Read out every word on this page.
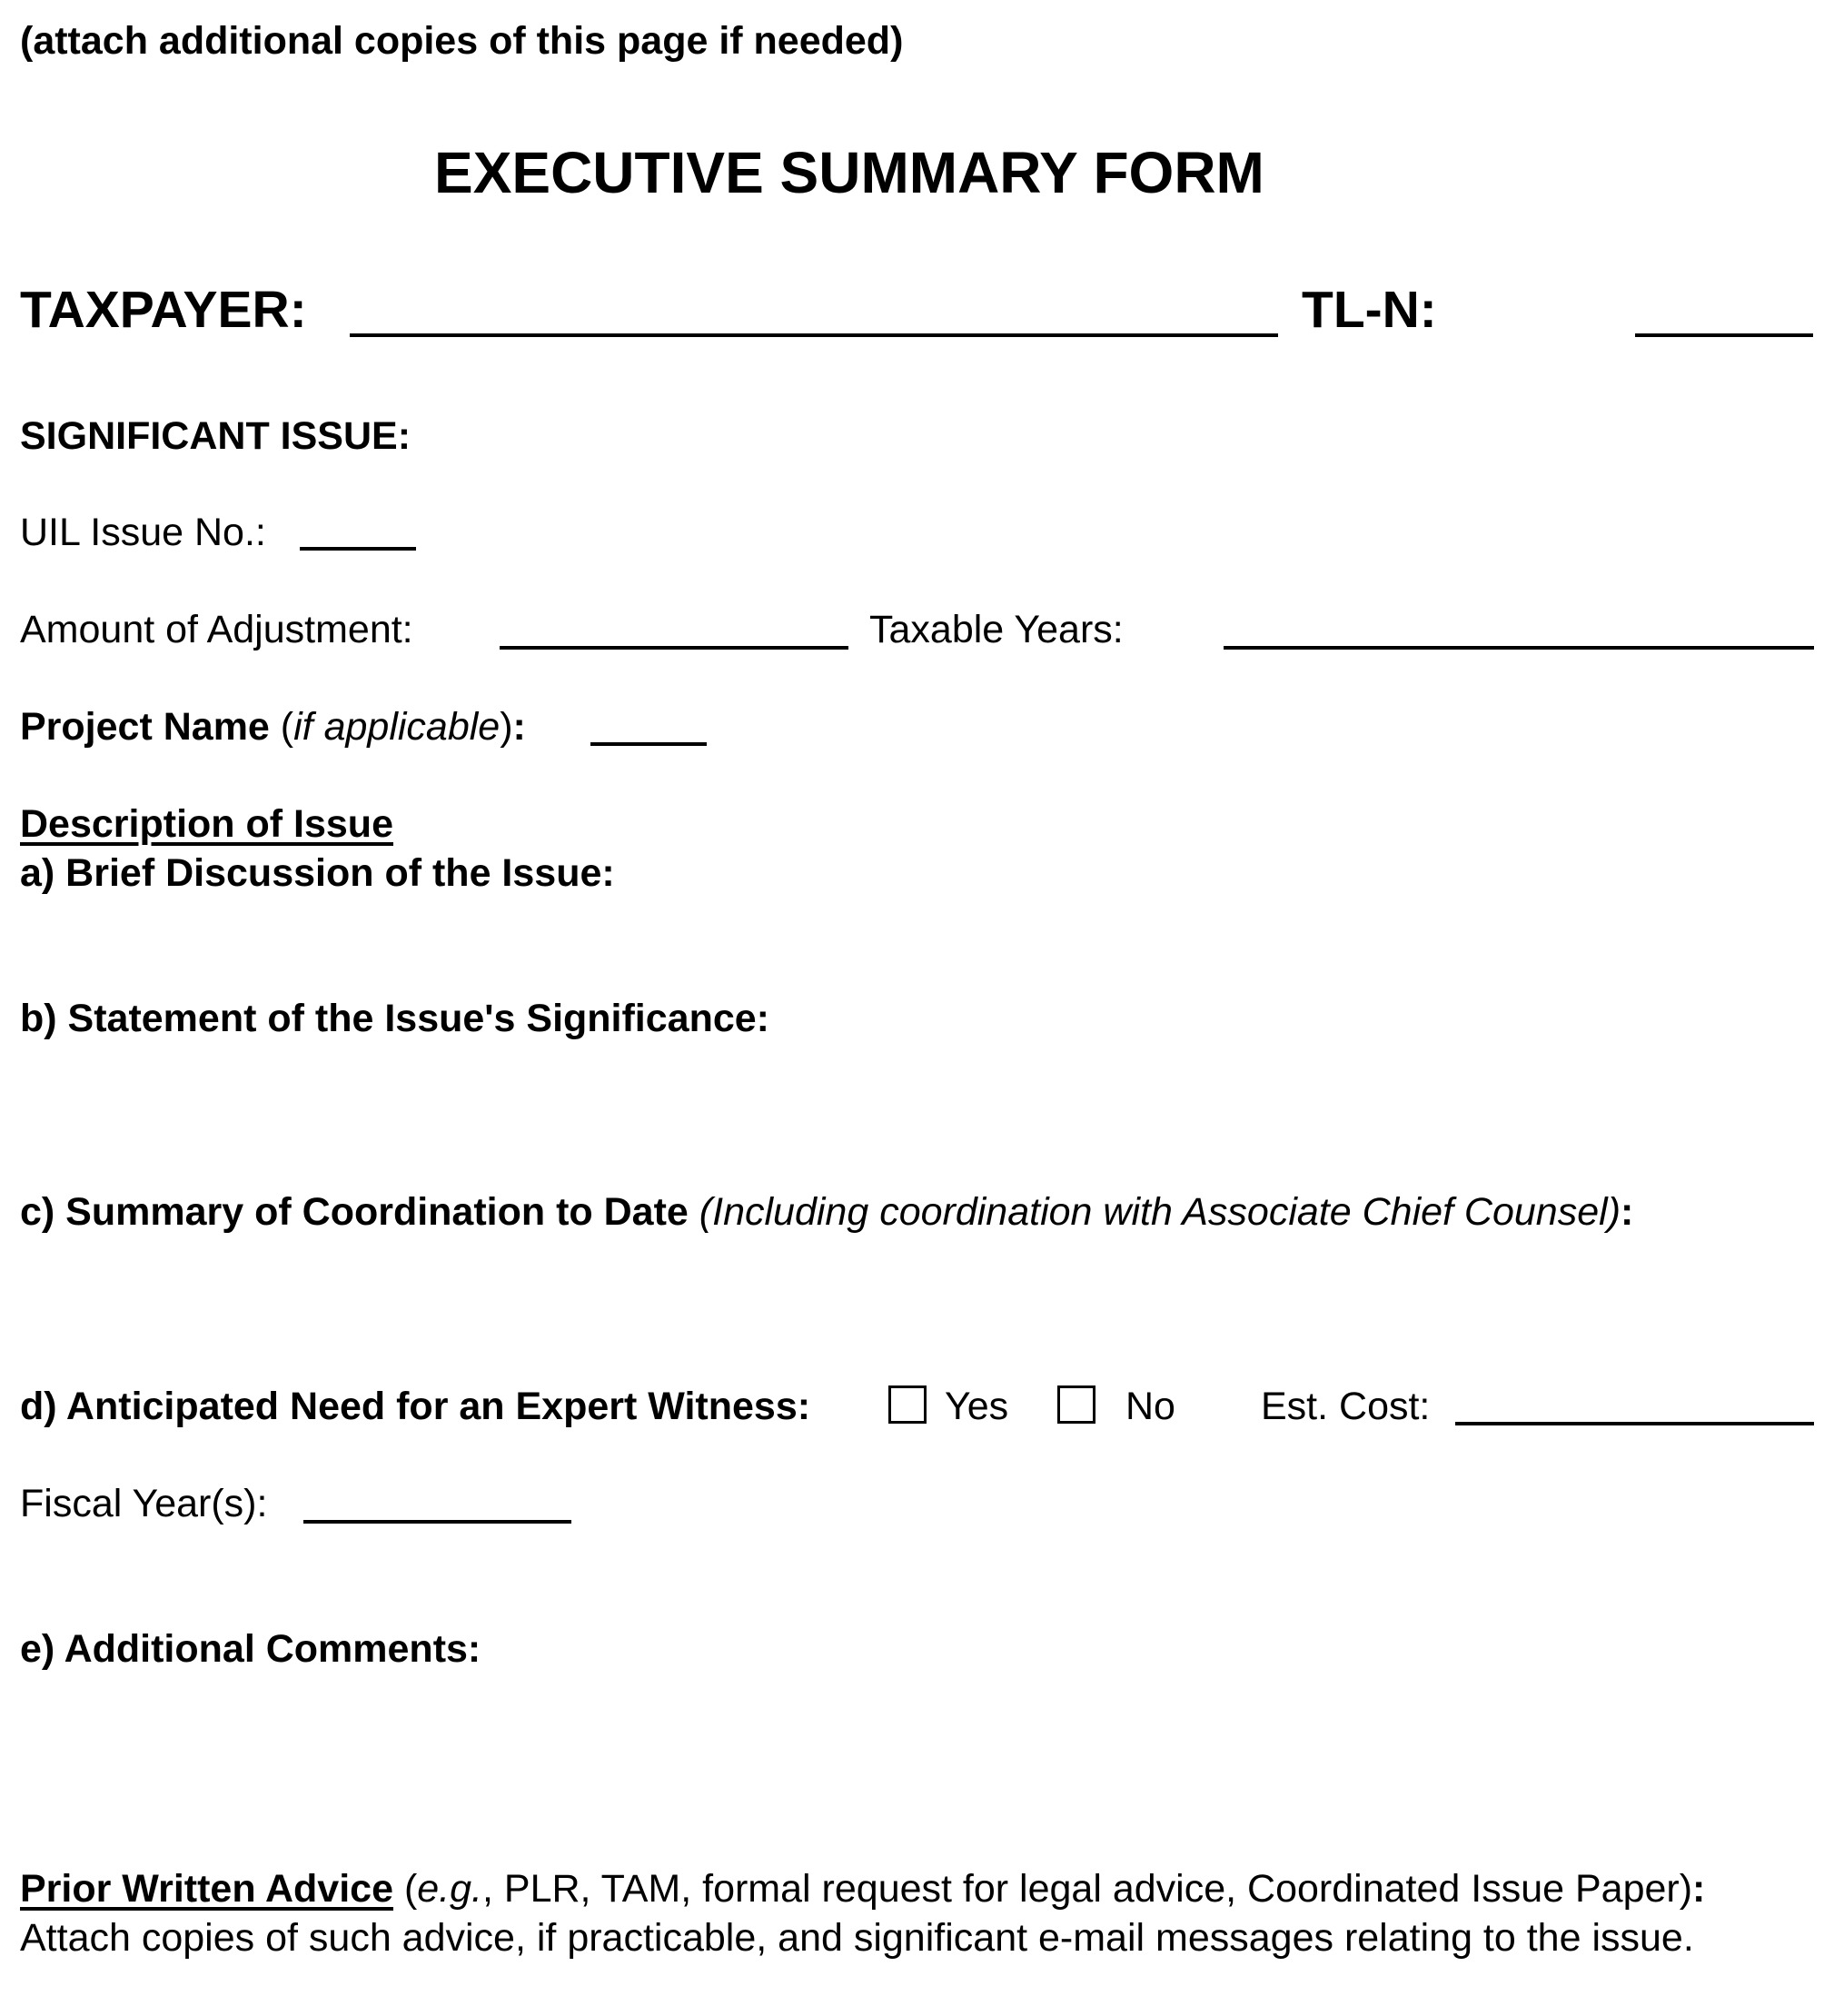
(attach additional copies of this page if needed)
EXECUTIVE SUMMARY FORM
TAXPAYER:	TL-N:
SIGNIFICANT ISSUE:
UIL Issue No.:
Amount of Adjustment:	Taxable Years:
Project Name (if applicable):
Description of Issue
a) Brief Discussion of the Issue:
b) Statement of the Issue's Significance:
c) Summary of Coordination to Date (Including coordination with Associate Chief Counsel):
d) Anticipated Need for an Expert Witness:	Yes	No Est. Cost:
Fiscal Year(s):
e) Additional Comments:
Prior Written Advice (e.g., PLR, TAM, formal request for legal advice, Coordinated Issue Paper):  Attach copies of such advice, if practicable, and significant e-mail messages relating to the issue.
